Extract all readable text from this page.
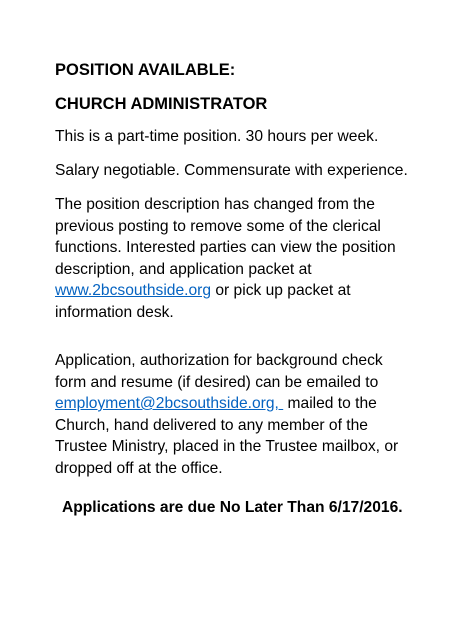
POSITION AVAILABLE:
CHURCH ADMINISTRATOR
This is a part-time position. 30 hours per week.
Salary negotiable. Commensurate with experience.
The position description has changed from the
previous posting to remove some of the clerical
functions. Interested parties can view the position
description, and application packet at
www.2bcsouthside.org or pick up packet at
information desk.
Application, authorization for background check
form and resume (if desired) can be emailed to
employment@2bcsouthside.org,  mailed to the
Church, hand delivered to any member of the
Trustee Ministry, placed in the Trustee mailbox, or
dropped off at the office.
Applications are due No Later Than 6/17/2016.
